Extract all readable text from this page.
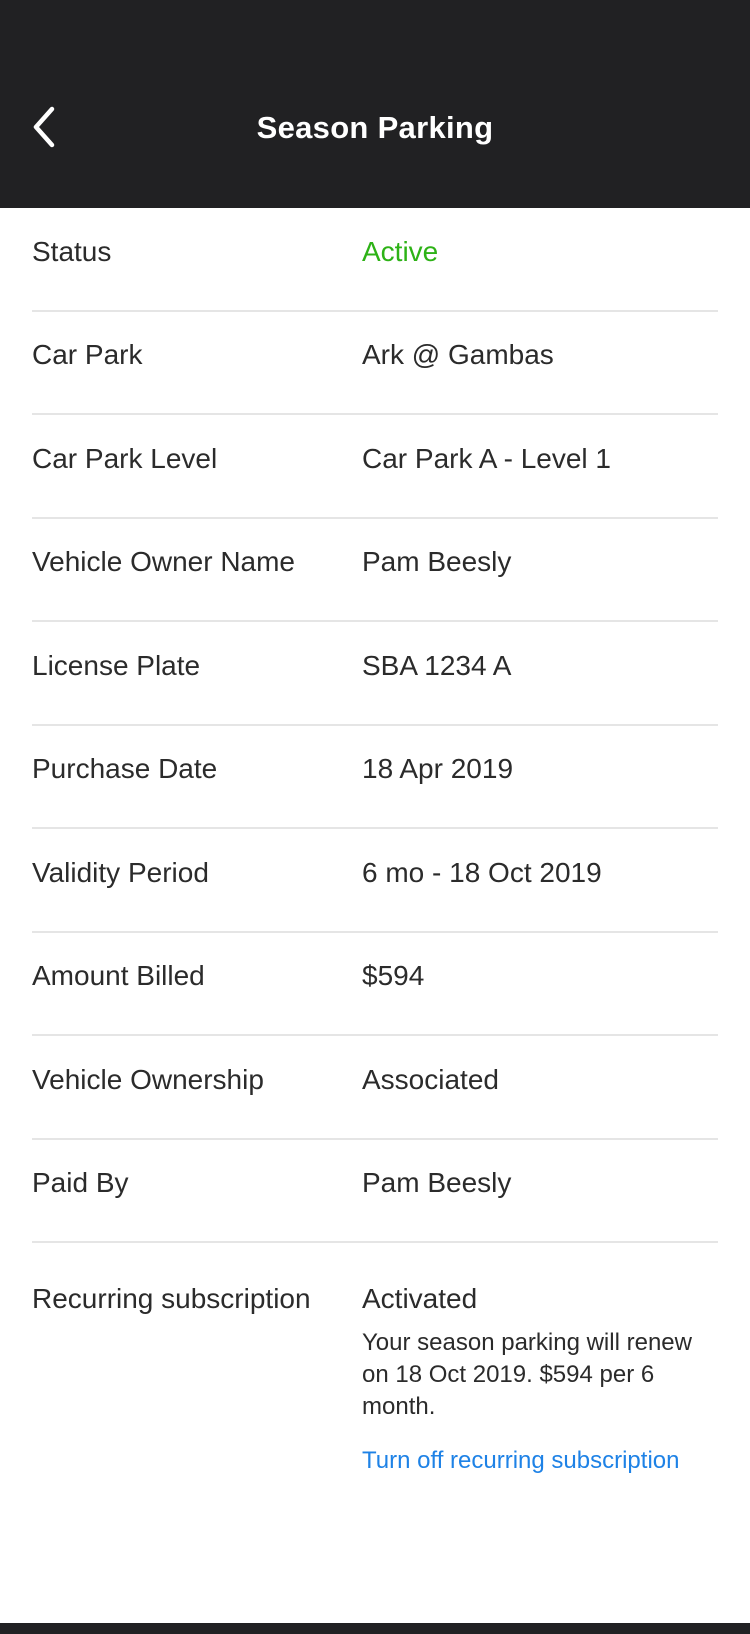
Season Parking
Status	Active
Car Park	Ark @ Gambas
Car Park Level	Car Park A - Level 1
Vehicle Owner Name	Pam Beesly
License Plate	SBA 1234 A
Purchase Date	18 Apr 2019
Validity Period	6 mo - 18 Oct 2019
Amount Billed	$594
Vehicle Ownership	Associated
Paid By	Pam Beesly
Recurring subscription	Activated

Your season parking will renew on 18 Oct 2019. $594 per 6 month.

Turn off recurring subscription
